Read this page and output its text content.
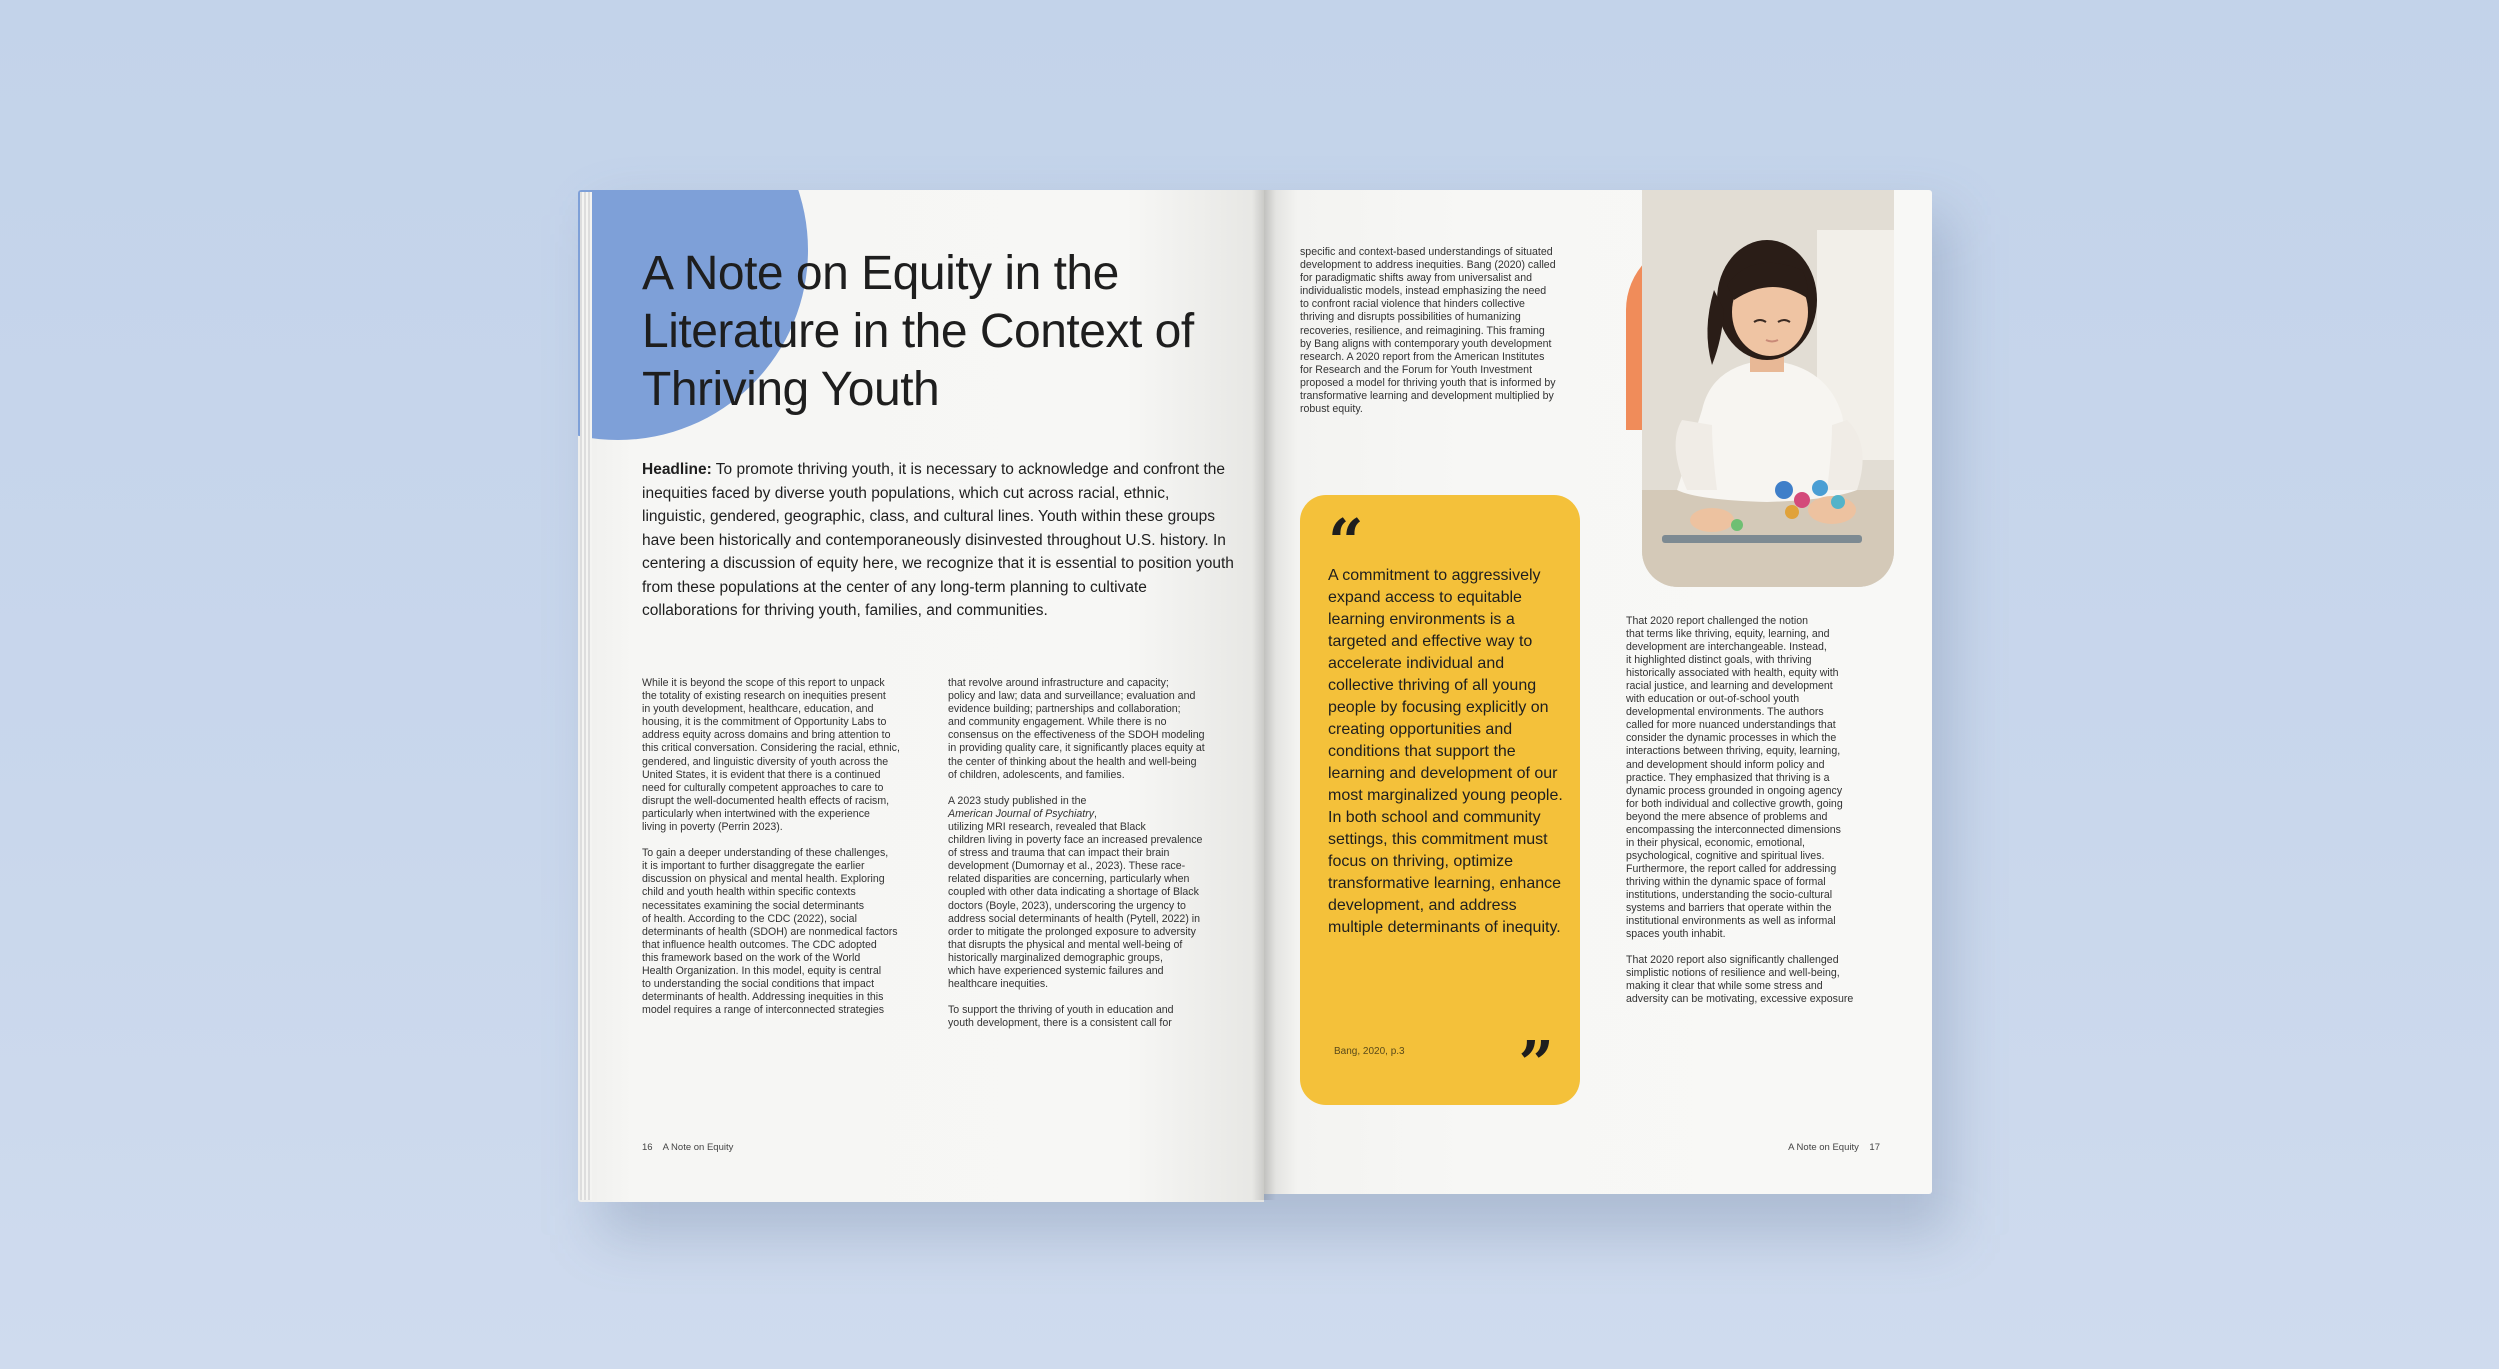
A Note on Equity in the Literature in the Context of Thriving Youth

Headline: To promote thriving youth, it is necessary to acknowledge and confront the inequities faced by diverse youth populations, which cut across racial, ethnic, linguistic, gendered, geographic, class, and cultural lines. Youth within these groups have been historically and contemporaneously disinvested throughout U.S. history. In centering a discussion of equity here, we recognize that it is essential to position youth from these populations at the center of any long-term planning to cultivate collaborations for thriving youth, families, and communities.

While it is beyond the scope of this report to unpack
the totality of existing research on inequities present
in youth development, healthcare, education, and
housing, it is the commitment of Opportunity Labs to
address equity across domains and bring attention to
this critical conversation. Considering the racial, ethnic,
gendered, and linguistic diversity of youth across the
United States, it is evident that there is a continued
need for culturally competent approaches to care to
disrupt the well-documented health effects of racism,
particularly when intertwined with the experience
living in poverty (Perrin 2023).

To gain a deeper understanding of these challenges,
it is important to further disaggregate the earlier
discussion on physical and mental health. Exploring
child and youth health within specific contexts
necessitates examining the social determinants
of health. According to the CDC (2022), social
determinants of health (SDOH) are nonmedical factors
that influence health outcomes. The CDC adopted
this framework based on the work of the World
Health Organization. In this model, equity is central
to understanding the social conditions that impact
determinants of health. Addressing inequities in this
model requires a range of interconnected strategies

that revolve around infrastructure and capacity;
policy and law; data and surveillance; evaluation and
evidence building; partnerships and collaboration;
and community engagement. While there is no
consensus on the effectiveness of the SDOH modeling
in providing quality care, it significantly places equity at
the center of thinking about the health and well-being
of children, adolescents, and families.

A 2023 study published in the
American Journal of Psychiatry,
utilizing MRI research, revealed that Black
children living in poverty face an increased prevalence
of stress and trauma that can impact their brain
development (Dumornay et al., 2023). These race-
related disparities are concerning, particularly when
coupled with other data indicating a shortage of Black
doctors (Boyle, 2023), underscoring the urgency to
address social determinants of health (Pytell, 2022) in
order to mitigate the prolonged exposure to adversity
that disrupts the physical and mental well-being of
historically marginalized demographic groups,
which have experienced systemic failures and
healthcare inequities.

To support the thriving of youth in education and
youth development, there is a consistent call for

16    A Note on Equity

specific and context-based understandings of situated
development to address inequities. Bang (2020) called
for paradigmatic shifts away from universalist and
individualistic models, instead emphasizing the need
to confront racial violence that hinders collective
thriving and disrupts possibilities of humanizing
recoveries, resilience, and reimagining. This framing
by Bang aligns with contemporary youth development
research. A 2020 report from the American Institutes
for Research and the Forum for Youth Investment
proposed a model for thriving youth that is informed by
transformative learning and development multiplied by
robust equity.

“

A commitment to aggressively expand access to equitable learning environments is a targeted and effective way to accelerate individual and collective thriving of all young people by focusing explicitly on creating opportunities and conditions that support the learning and development of our most marginalized young people. In both school and community settings, this commitment must focus on thriving, optimize transformative learning, enhance development, and address multiple determinants of inequity.

Bang, 2020, p.3 ”

That 2020 report challenged the notion
that terms like thriving, equity, learning, and
development are interchangeable. Instead,
it highlighted distinct goals, with thriving
historically associated with health, equity with
racial justice, and learning and development
with education or out-of-school youth
developmental environments. The authors
called for more nuanced understandings that
consider the dynamic processes in which the
interactions between thriving, equity, learning,
and development should inform policy and
practice. They emphasized that thriving is a
dynamic process grounded in ongoing agency
for both individual and collective growth, going
beyond the mere absence of problems and
encompassing the interconnected dimensions
in their physical, economic, emotional,
psychological, cognitive and spiritual lives.
Furthermore, the report called for addressing
thriving within the dynamic space of formal
institutions, understanding the socio-cultural
systems and barriers that operate within the
institutional environments as well as informal
spaces youth inhabit.

That 2020 report also significantly challenged
simplistic notions of resilience and well-being,
making it clear that while some stress and
adversity can be motivating, excessive exposure

A Note on Equity    17
